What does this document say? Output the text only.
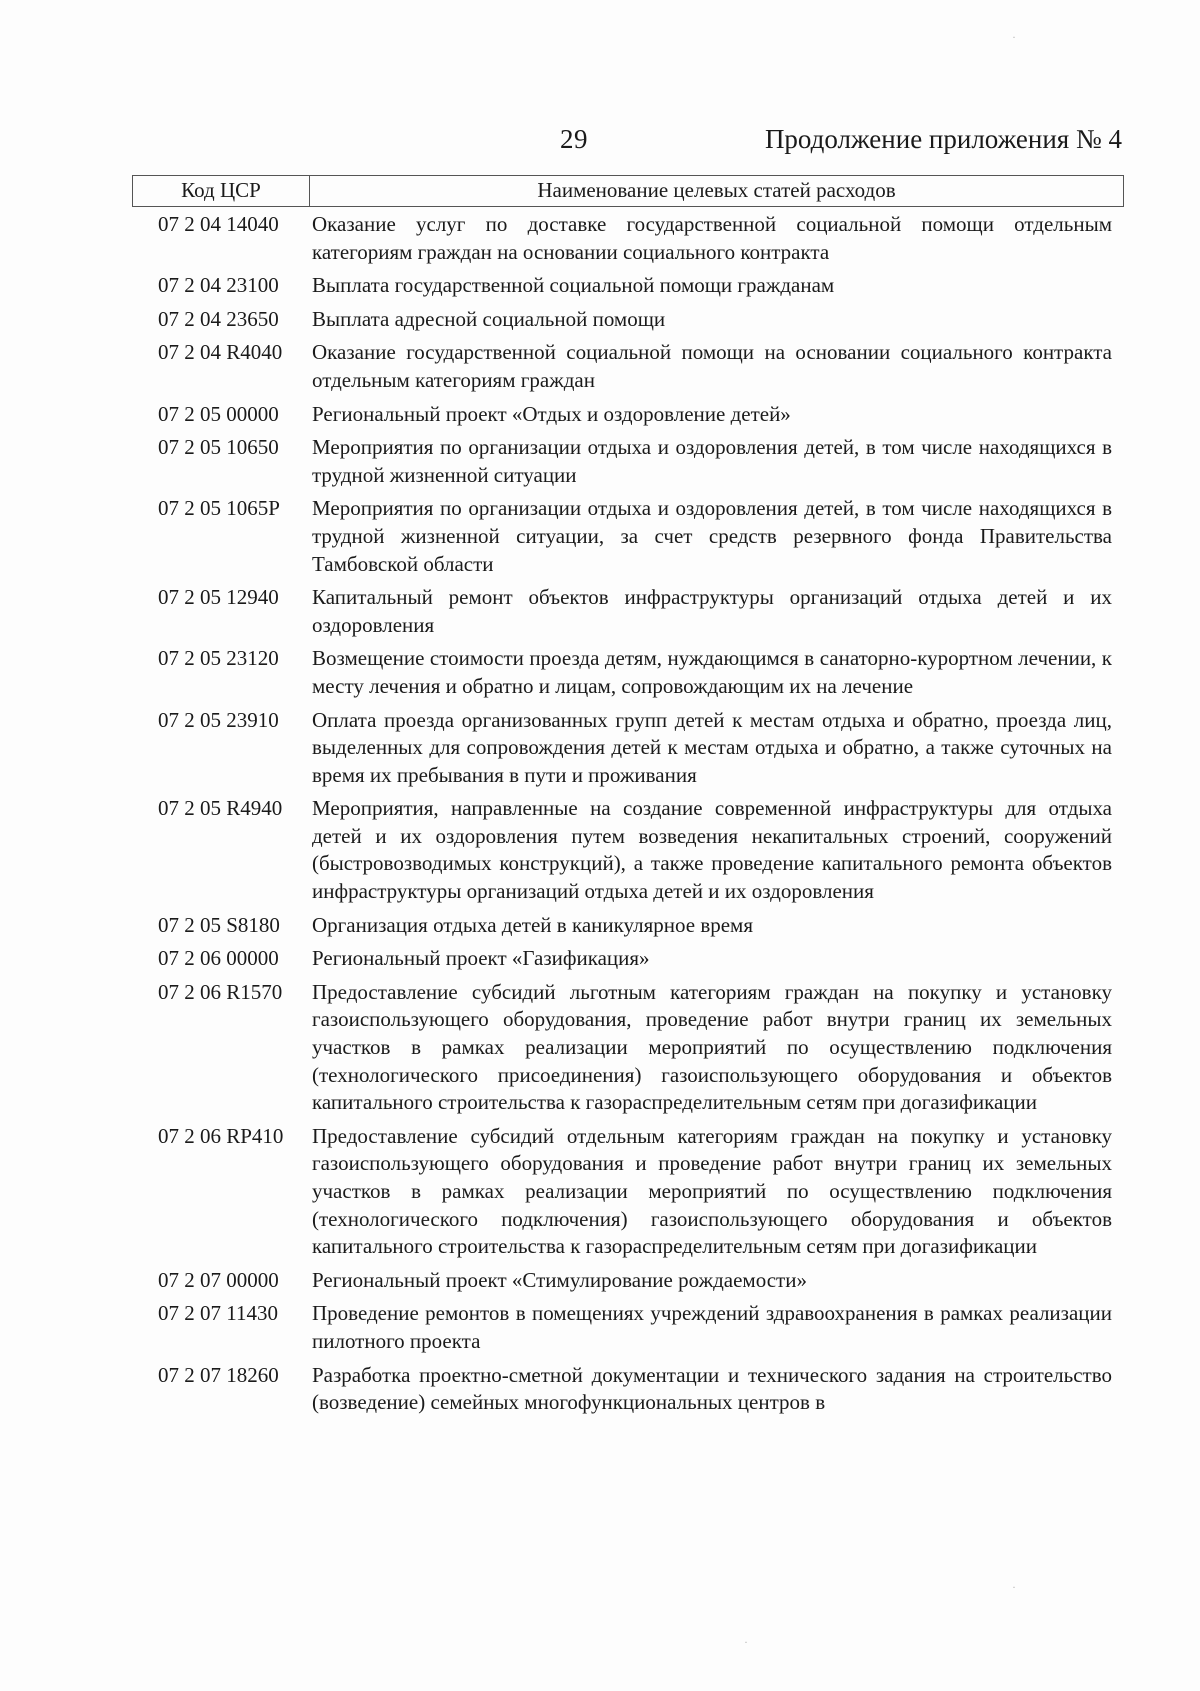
29	Продолжение приложения № 4
Код ЦСР	Наименование целевых статей расходов
07 2 04 14040	Оказание услуг по доставке государственной социальной помощи отдельным категориям граждан на основании социального контракта
07 2 04 23100	Выплата государственной социальной помощи гражданам
07 2 04 23650	Выплата адресной социальной помощи
07 2 04 R4040	Оказание государственной социальной помощи на основании социального контракта отдельным категориям граждан
07 2 05 00000	Региональный проект «Отдых и оздоровление детей»
07 2 05 10650	Мероприятия по организации отдыха и оздоровления детей, в том числе находящихся в трудной жизненной ситуации
07 2 05 1065Р	Мероприятия по организации отдыха и оздоровления детей, в том числе находящихся в трудной жизненной ситуации, за счет средств резервного фонда Правительства Тамбовской области
07 2 05 12940	Капитальный ремонт объектов инфраструктуры организаций отдыха детей и их оздоровления
07 2 05 23120	Возмещение стоимости проезда детям, нуждающимся в санаторно-курортном лечении, к месту лечения и обратно и лицам, сопровождающим их на лечение
07 2 05 23910	Оплата проезда организованных групп детей к местам отдыха и обратно, проезда лиц, выделенных для сопровождения детей к местам отдыха и обратно, а также суточных на время их пребывания в пути и проживания
07 2 05 R4940	Мероприятия, направленные на создание современной инфраструктуры для отдыха детей и их оздоровления путем возведения некапитальных строений, сооружений (быстровозводимых конструкций), а также проведение капитального ремонта объектов инфраструктуры организаций отдыха детей и их оздоровления
07 2 05 S8180	Организация отдыха детей в каникулярное время
07 2 06 00000	Региональный проект «Газификация»
07 2 06 R1570	Предоставление субсидий льготным категориям граждан на покупку и установку газоиспользующего оборудования, проведение работ внутри границ их земельных участков в рамках реализации мероприятий по осуществлению подключения (технологического присоединения) газоиспользующего оборудования и объектов капитального строительства к газораспределительным сетям при догазификации
07 2 06 RP410	Предоставление субсидий отдельным категориям граждан на покупку и установку газоиспользующего оборудования и проведение работ внутри границ их земельных участков в рамках реализации мероприятий по осуществлению подключения (технологического подключения) газоиспользующего оборудования и объектов капитального строительства к газораспределительным сетям при догазификации
07 2 07 00000	Региональный проект «Стимулирование рождаемости»
07 2 07 11430	Проведение ремонтов в помещениях учреждений здравоохранения в рамках реализации пилотного проекта
07 2 07 18260	Разработка проектно-сметной документации и технического задания на строительство (возведение) семейных многофункциональных центров в
·
·
·
